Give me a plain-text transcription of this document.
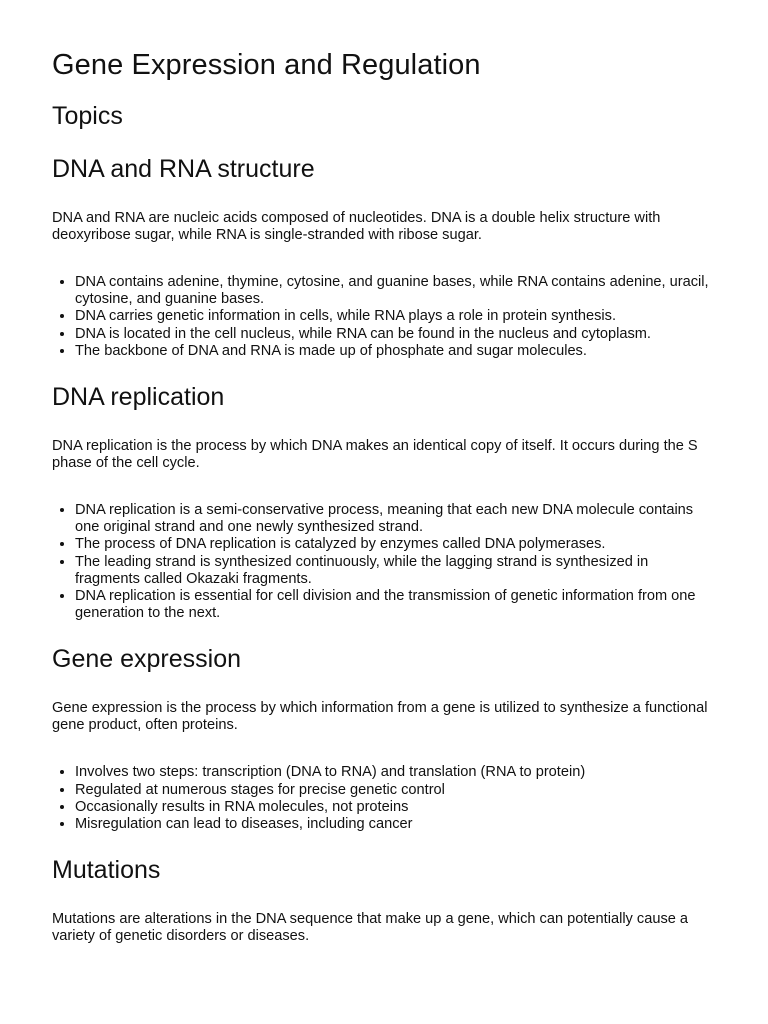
Gene Expression and Regulation
Topics
DNA and RNA structure

DNA and RNA are nucleic acids composed of nucleotides. DNA is a double helix structure with deoxyribose sugar, while RNA is single-stranded with ribose sugar.

• DNA contains adenine, thymine, cytosine, and guanine bases, while RNA contains adenine, uracil, cytosine, and guanine bases.
• DNA carries genetic information in cells, while RNA plays a role in protein synthesis.
• DNA is located in the cell nucleus, while RNA can be found in the nucleus and cytoplasm.
• The backbone of DNA and RNA is made up of phosphate and sugar molecules.
DNA replication

DNA replication is the process by which DNA makes an identical copy of itself. It occurs during the S phase of the cell cycle.

• DNA replication is a semi-conservative process, meaning that each new DNA molecule contains one original strand and one newly synthesized strand.
• The process of DNA replication is catalyzed by enzymes called DNA polymerases.
• The leading strand is synthesized continuously, while the lagging strand is synthesized in fragments called Okazaki fragments.
• DNA replication is essential for cell division and the transmission of genetic information from one generation to the next.
Gene expression

Gene expression is the process by which information from a gene is utilized to synthesize a functional gene product, often proteins.

• Involves two steps: transcription (DNA to RNA) and translation (RNA to protein)
• Regulated at numerous stages for precise genetic control
• Occasionally results in RNA molecules, not proteins
• Misregulation can lead to diseases, including cancer
Mutations

Mutations are alterations in the DNA sequence that make up a gene, which can potentially cause a variety of genetic disorders or diseases.
